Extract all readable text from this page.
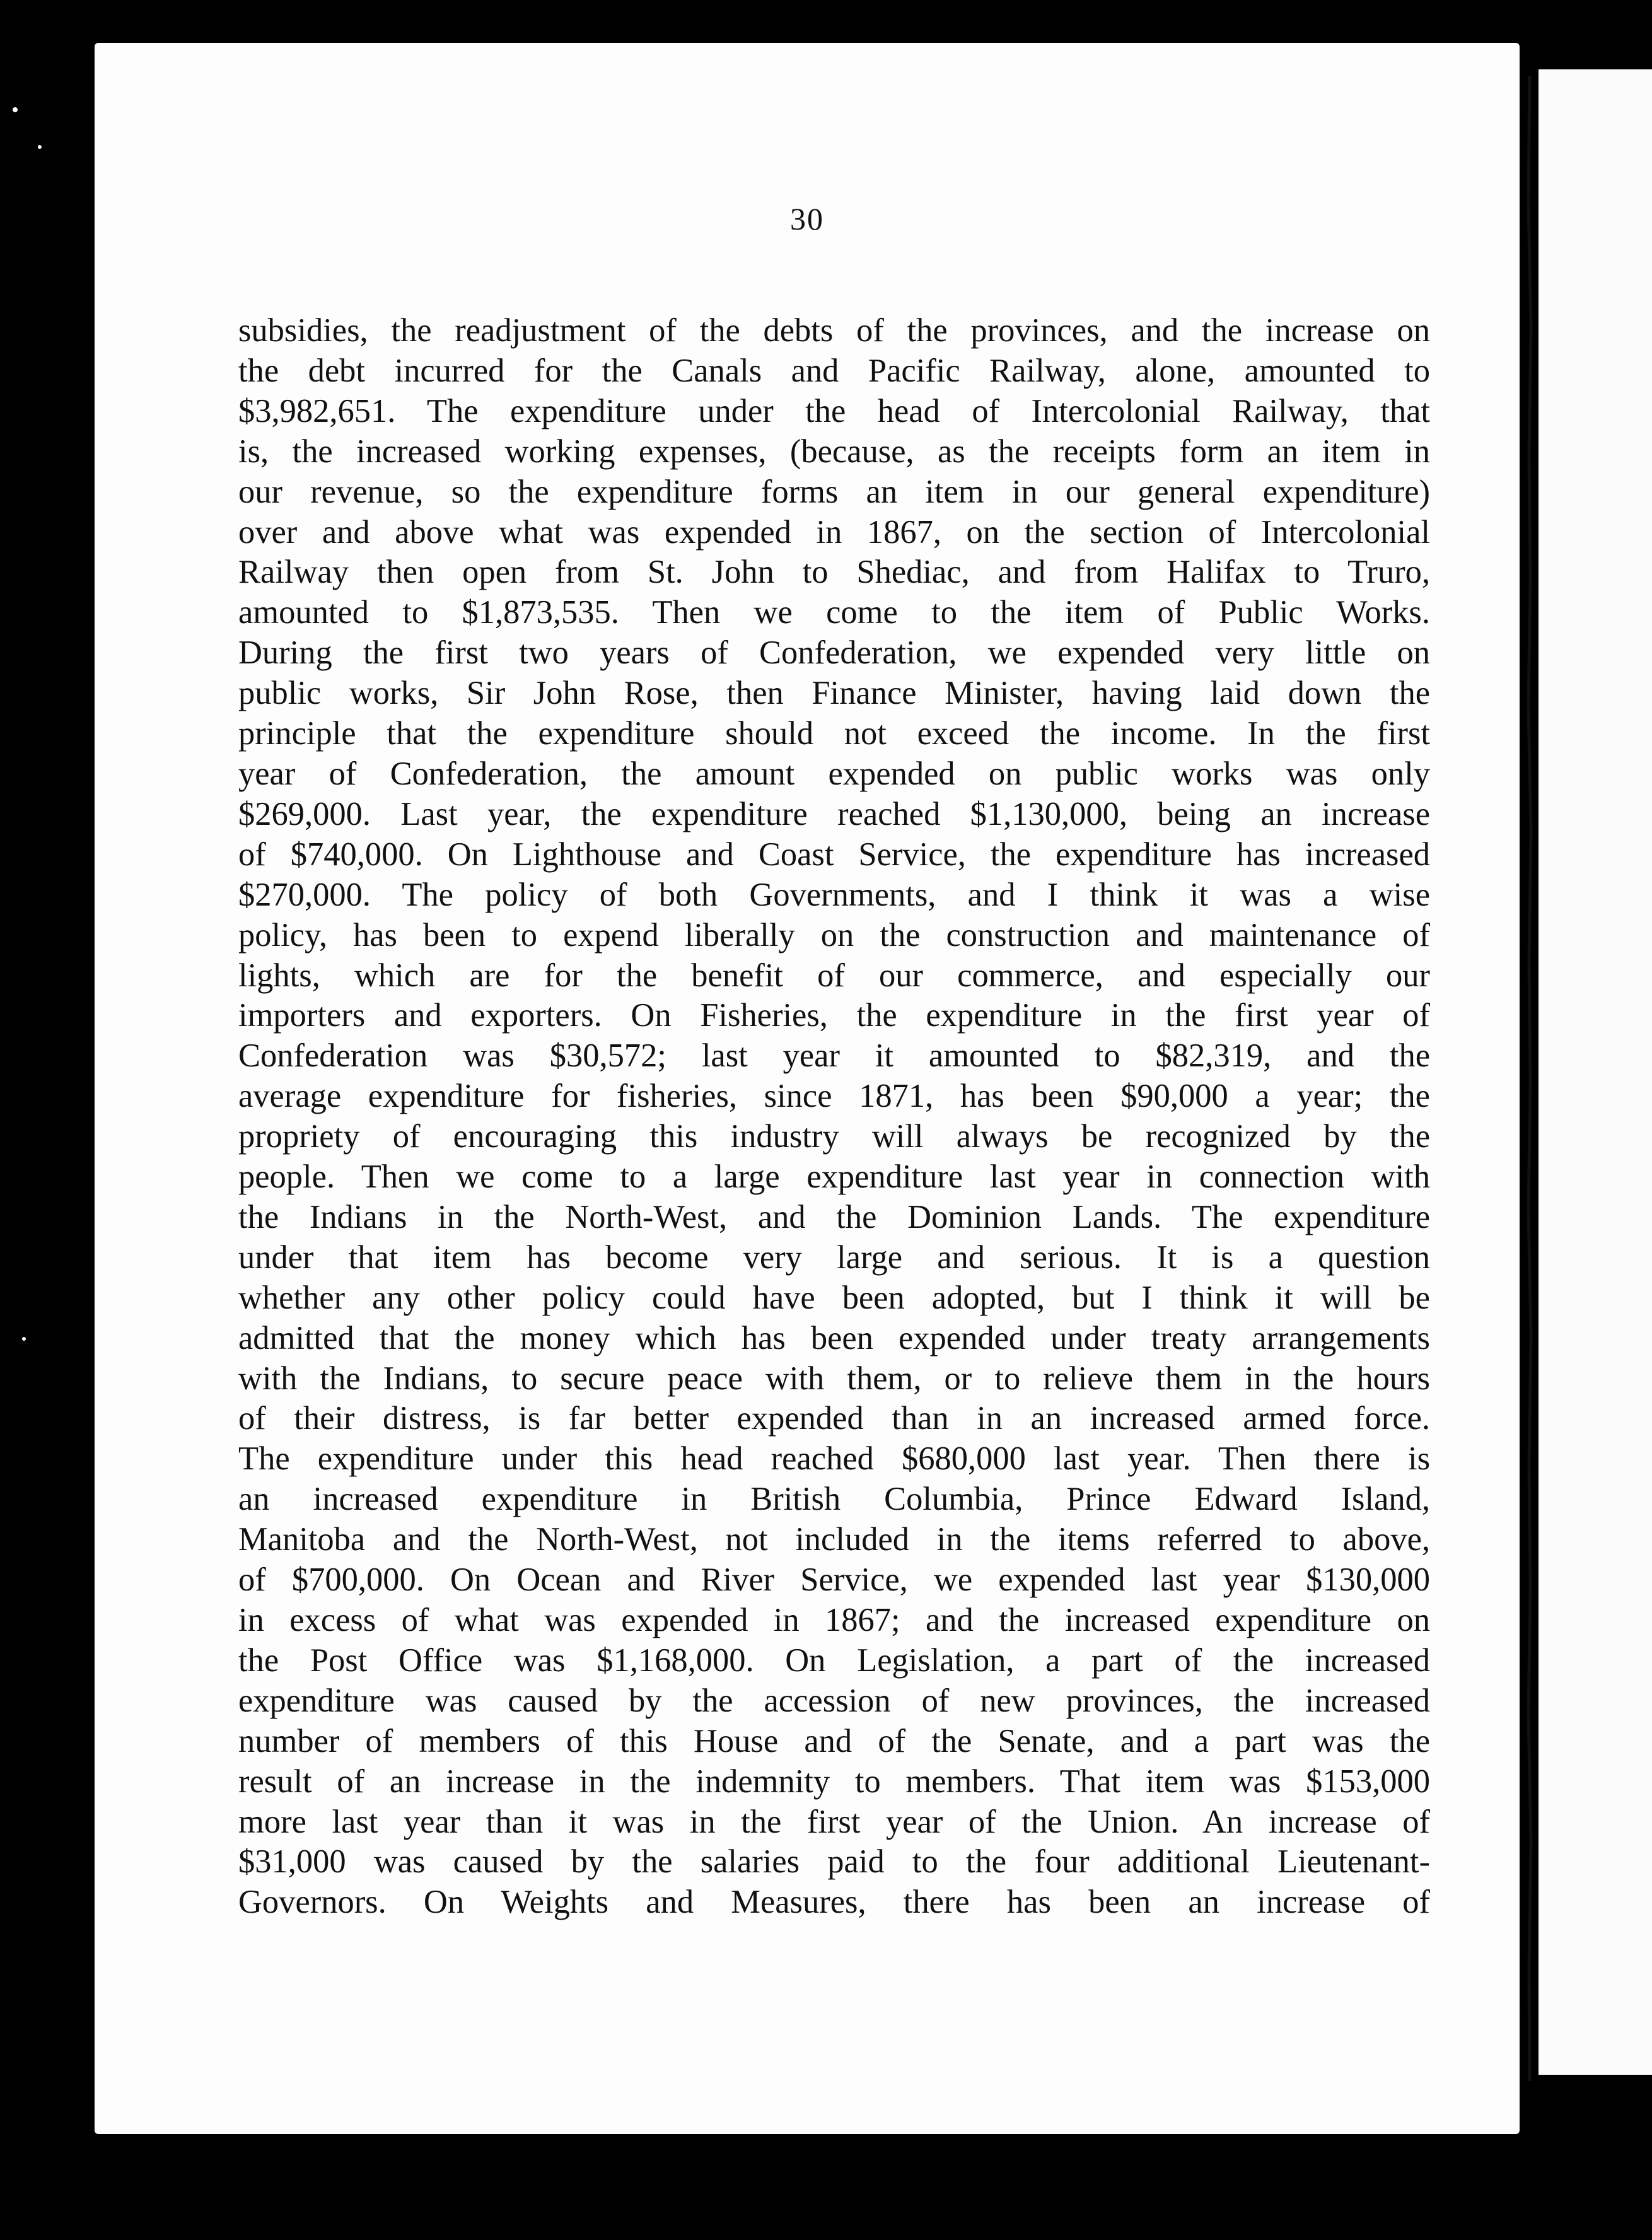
30
subsidies, the readjustment of the debts of the provinces, and the increase on
the debt incurred for the Canals and Pacific Railway, alone, amounted to
$3,982,651. The expenditure under the head of Intercolonial Railway, that
is, the increased working expenses, (because, as the receipts form an item in
our revenue, so the expenditure forms an item in our general expenditure)
over and above what was expended in 1867, on the section of Intercolonial
Railway then open from St. John to Shediac, and from Halifax to Truro,
amounted to $1,873,535. Then we come to the item of Public Works.
During the first two years of Confederation, we expended very little on
public works, Sir John Rose, then Finance Minister, having laid down the
principle that the expenditure should not exceed the income. In the first
year of Confederation, the amount expended on public works was only
$269,000. Last year, the expenditure reached $1,130,000, being an increase
of $740,000. On Lighthouse and Coast Service, the expenditure has increased
$270,000. The policy of both Governments, and I think it was a wise
policy, has been to expend liberally on the construction and maintenance of
lights, which are for the benefit of our commerce, and especially our
importers and exporters. On Fisheries, the expenditure in the first year of
Confederation was $30,572; last year it amounted to $82,319, and the
average expenditure for fisheries, since 1871, has been $90,000 a year; the
propriety of encouraging this industry will always be recognized by the
people. Then we come to a large expenditure last year in connection with
the Indians in the North-West, and the Dominion Lands. The expenditure
under that item has become very large and serious. It is a question
whether any other policy could have been adopted, but I think it will be
admitted that the money which has been expended under treaty arrangements
with the Indians, to secure peace with them, or to relieve them in the hours
of their distress, is far better expended than in an increased armed force.
The expenditure under this head reached $680,000 last year. Then there is
an increased expenditure in British Columbia, Prince Edward Island,
Manitoba and the North-West, not included in the items referred to above,
of $700,000. On Ocean and River Service, we expended last year $130,000
in excess of what was expended in 1867; and the increased expenditure on
the Post Office was $1,168,000. On Legislation, a part of the increased
expenditure was caused by the accession of new provinces, the increased
number of members of this House and of the Senate, and a part was the
result of an increase in the indemnity to members. That item was $153,000
more last year than it was in the first year of the Union. An increase of
$31,000 was caused by the salaries paid to the four additional Lieutenant-
Governors. On Weights and Measures, there has been an increase of
